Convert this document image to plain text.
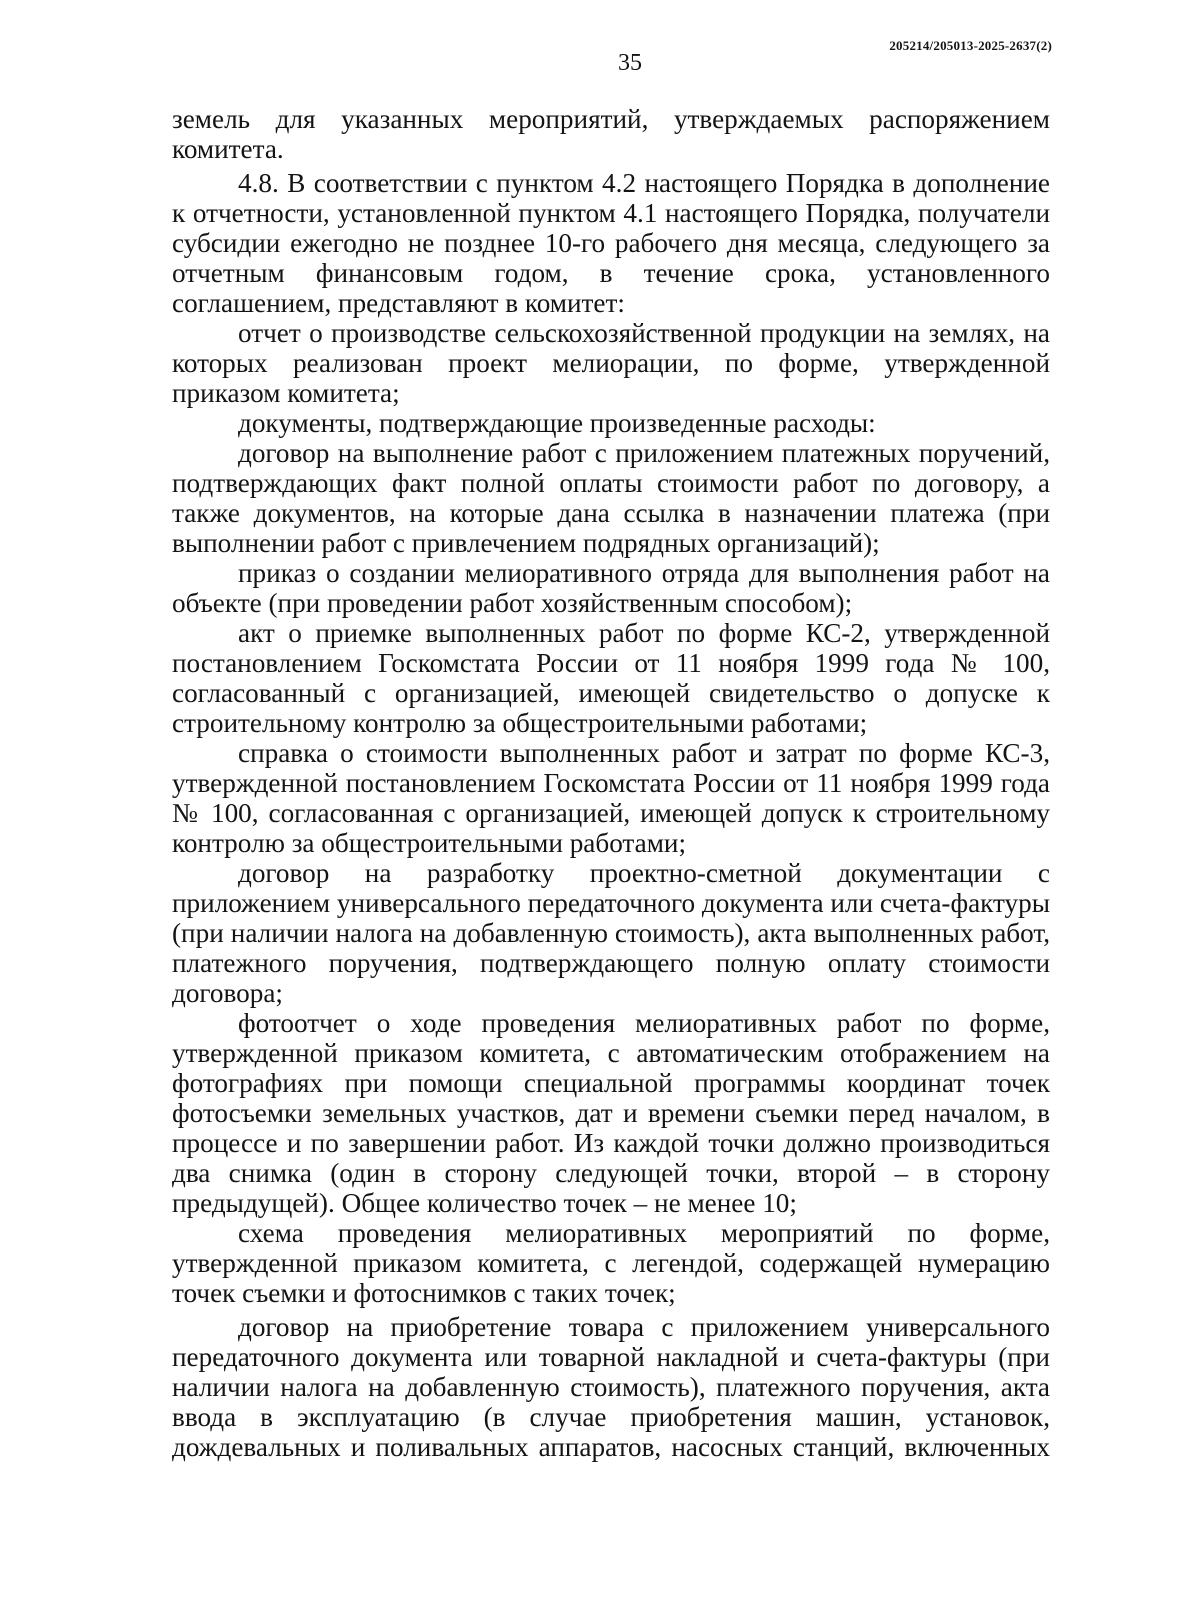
205214/205013-2025-2637(2)
35

земель для указанных мероприятий, утверждаемых распоряжением комитета.

4.8. В соответствии с пунктом 4.2 настоящего Порядка в дополнение к отчетности, установленной пунктом 4.1 настоящего Порядка, получатели субсидии ежегодно не позднее 10-го рабочего дня месяца, следующего за отчетным финансовым годом, в течение срока, установленного соглашением, представляют в комитет:

отчет о производстве сельскохозяйственной продукции на землях, на которых реализован проект мелиорации, по форме, утвержденной приказом комитета;

документы, подтверждающие произведенные расходы:

договор на выполнение работ с приложением платежных поручений, подтверждающих факт полной оплаты стоимости работ по договору, а также документов, на которые дана ссылка в назначении платежа (при выполнении работ с привлечением подрядных организаций);

приказ о создании мелиоративного отряда для выполнения работ на объекте (при проведении работ хозяйственным способом);

акт о приемке выполненных работ по форме КС-2, утвержденной постановлением Госкомстата России от 11 ноября 1999 года № 100, согласованный с организацией, имеющей свидетельство о допуске к строительному контролю за общестроительными работами;

справка о стоимости выполненных работ и затрат по форме КС-3, утвержденной постановлением Госкомстата России от 11 ноября 1999 года № 100, согласованная с организацией, имеющей допуск к строительному контролю за общестроительными работами;

договор на разработку проектно-сметной документации с приложением универсального передаточного документа или счета-фактуры (при наличии налога на добавленную стоимость), акта выполненных работ, платежного поручения, подтверждающего полную оплату стоимости договора;

фотоотчет о ходе проведения мелиоративных работ по форме, утвержденной приказом комитета, с автоматическим отображением на фотографиях при помощи специальной программы координат точек фотосъемки земельных участков, дат и времени съемки перед началом, в процессе и по завершении работ. Из каждой точки должно производиться два снимка (один в сторону следующей точки, второй – в сторону предыдущей). Общее количество точек – не менее 10;

схема проведения мелиоративных мероприятий по форме, утвержденной приказом комитета, с легендой, содержащей нумерацию точек съемки и фотоснимков с таких точек;

договор на приобретение товара с приложением универсального передаточного документа или товарной накладной и счета-фактуры (при наличии налога на добавленную стоимость), платежного поручения, акта ввода в эксплуатацию (в случае приобретения машин, установок, дождевальных и поливальных аппаратов, насосных станций, включенных
